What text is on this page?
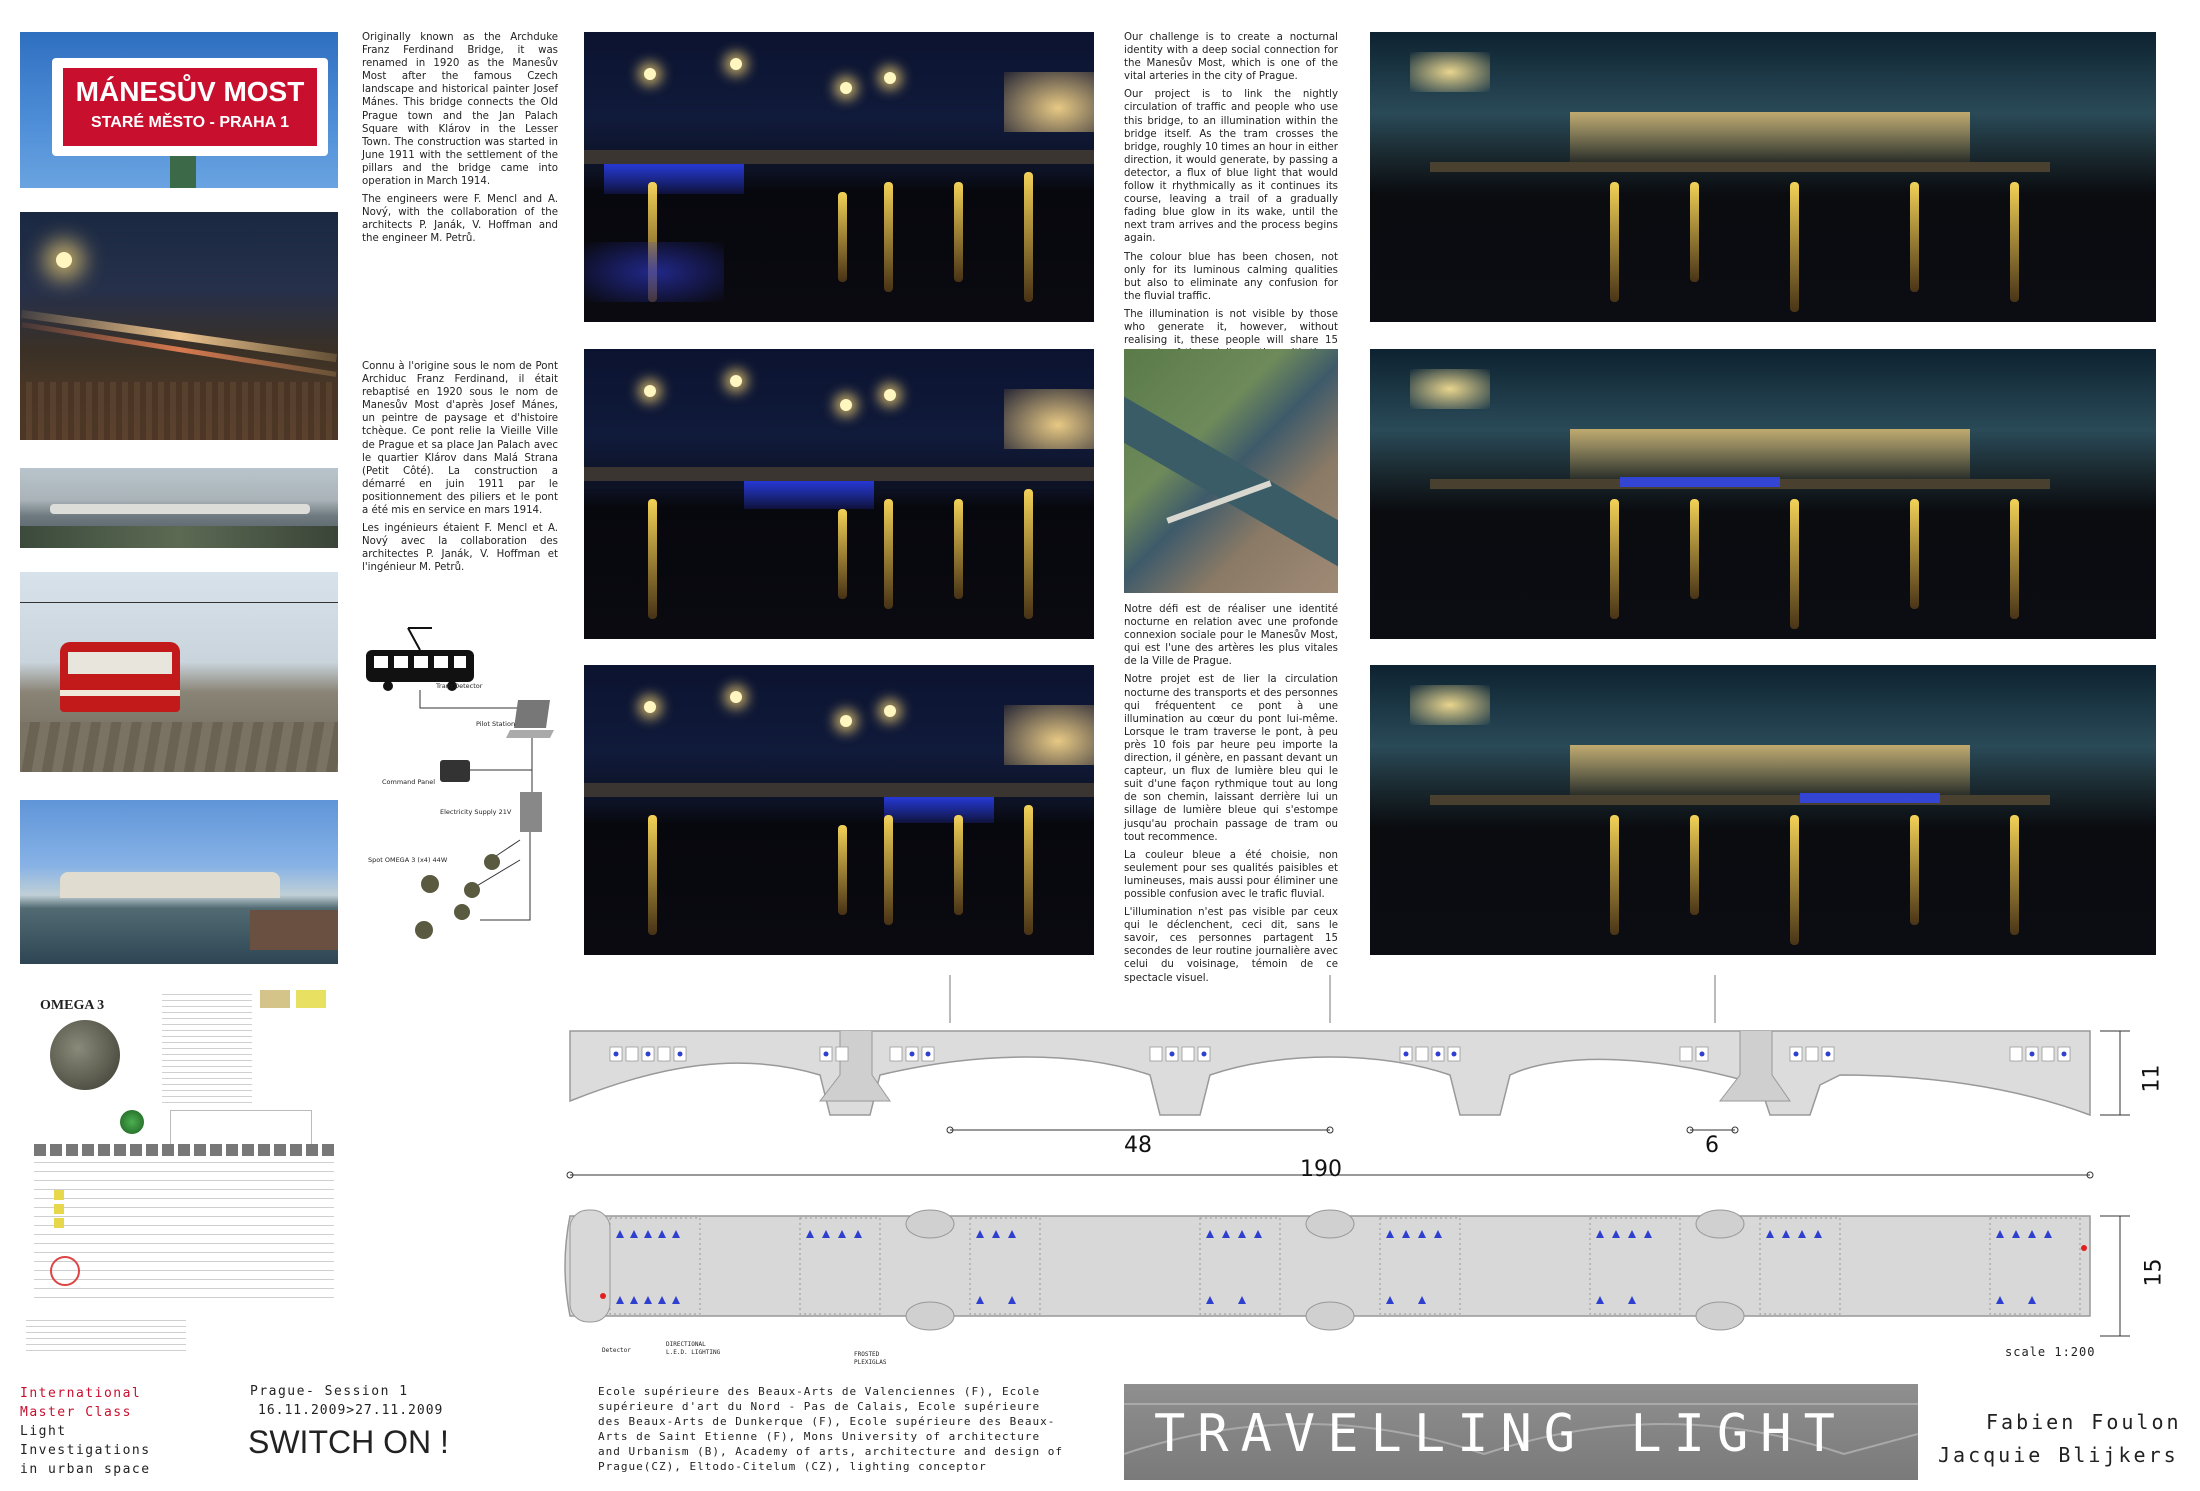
MÁNESŮV MOST
STARÉ MĚSTO - PRAHA 1

Originally known as the Archduke Franz Ferdinand Bridge, it was renamed in 1920 as the Manesův Most after the famous Czech landscape and historical painter Josef Mánes. This bridge connects the Old Prague town and the Jan Palach Square with Klárov in the Lesser Town. The construction was started in June 1911 with the settlement of the pillars and the bridge came into operation in March 1914.

The engineers were F. Mencl and A. Nový, with the collaboration of the architects P. Janák, V. Hoffman and the engineer M. Petrů.

Connu à l'origine sous le nom de Pont Archiduc Franz Ferdinand, il était rebaptisé en 1920 sous le nom de Manesův Most d'après Josef Mánes, un peintre de paysage et d'histoire tchèque. Ce pont relie la Vieille Ville de Prague et sa place Jan Palach avec le quartier Klárov dans Malá Strana (Petit Côté). La construction a démarré en juin 1911 par le positionnement des piliers et le pont a été mis en service en mars 1914.

Les ingénieurs étaient F. Mencl et A. Nový avec la collaboration des architectes P. Janák, V. Hoffman et l'ingénieur M. Petrů.

Tram Detector
Pilot Station
Command Panel
Electricity Supply 21V
Spot OMEGA 3 (x4) 44W
OMEGA 3

Our challenge is to create a nocturnal identity with a deep social connection for the Manesův Most, which is one of the vital arteries in the city of Prague.

Our project is to link the nightly circulation of traffic and people who use this bridge, to an illumination within the bridge itself. As the tram crosses the bridge, roughly 10 times an hour in either direction, it would generate, by passing a detector, a flux of blue light that would follow it rhythmically as it continues its course, leaving a trail of a gradually fading blue glow in its wake, until the next tram arrives and the process begins again.

The colour blue has been chosen, not only for its luminous calming qualities but also to eliminate any confusion for the fluvial traffic.

The illumination is not visible by those who generate it, however, without realising it, these people will share 15

Notre défi est de réaliser une identité nocturne en relation avec une profonde connexion sociale pour le Manesův Most, qui est l'une des artères les plus vitales de la Ville de Prague.

Notre projet est de lier la circulation nocturne des transports et des personnes qui fréquentent ce pont à une illumination au cœur du pont lui-même. Lorsque le tram traverse le pont, à peu près 10 fois par heure peu importe la direction, il génère, en passant devant un capteur, un flux de lumière bleu qui le suit d'une façon rythmique tout au long de son chemin, laissant derrière lui un sillage de lumière bleue qui s'estompe jusqu'au prochain passage de tram ou tout recommence.

La couleur bleue a été choisie, non seulement pour ses qualités paisibles et lumineuses, mais aussi pour éliminer une possible confusion avec le trafic fluvial.

L'illumination n'est pas visible par ceux qui le déclenchent, ceci dit, sans le savoir, ces personnes partagent 15 secondes de leur routine journalière avec celui du voisinage, témoin de ce spectacle visuel.

48	6
11
190
15
Detector
DIRECTIONAL L.E.D. LIGHTING	FROSTED PLEXIGLAS
scale 1:200
International
Master Class
Light
Investigations
in urban space
Prague- Session 1
16.11.2009>27.11.2009
SWITCH ON !
Ecole supérieure des Beaux-Arts de Valenciennes (F), Ecole supérieure d'art du Nord - Pas de Calais, Ecole supérieure des Beaux-Arts de Dunkerque (F), Ecole supérieure des Beaux-Arts de Saint Etienne (F), Mons University of architecture and Urbanism (B), Academy of arts, architecture and design of Prague(CZ), Eltodo-Citelum (CZ), lighting conceptor
TRAVELLING LIGHT	Fabien Foulon
Jacquie Blijkers
